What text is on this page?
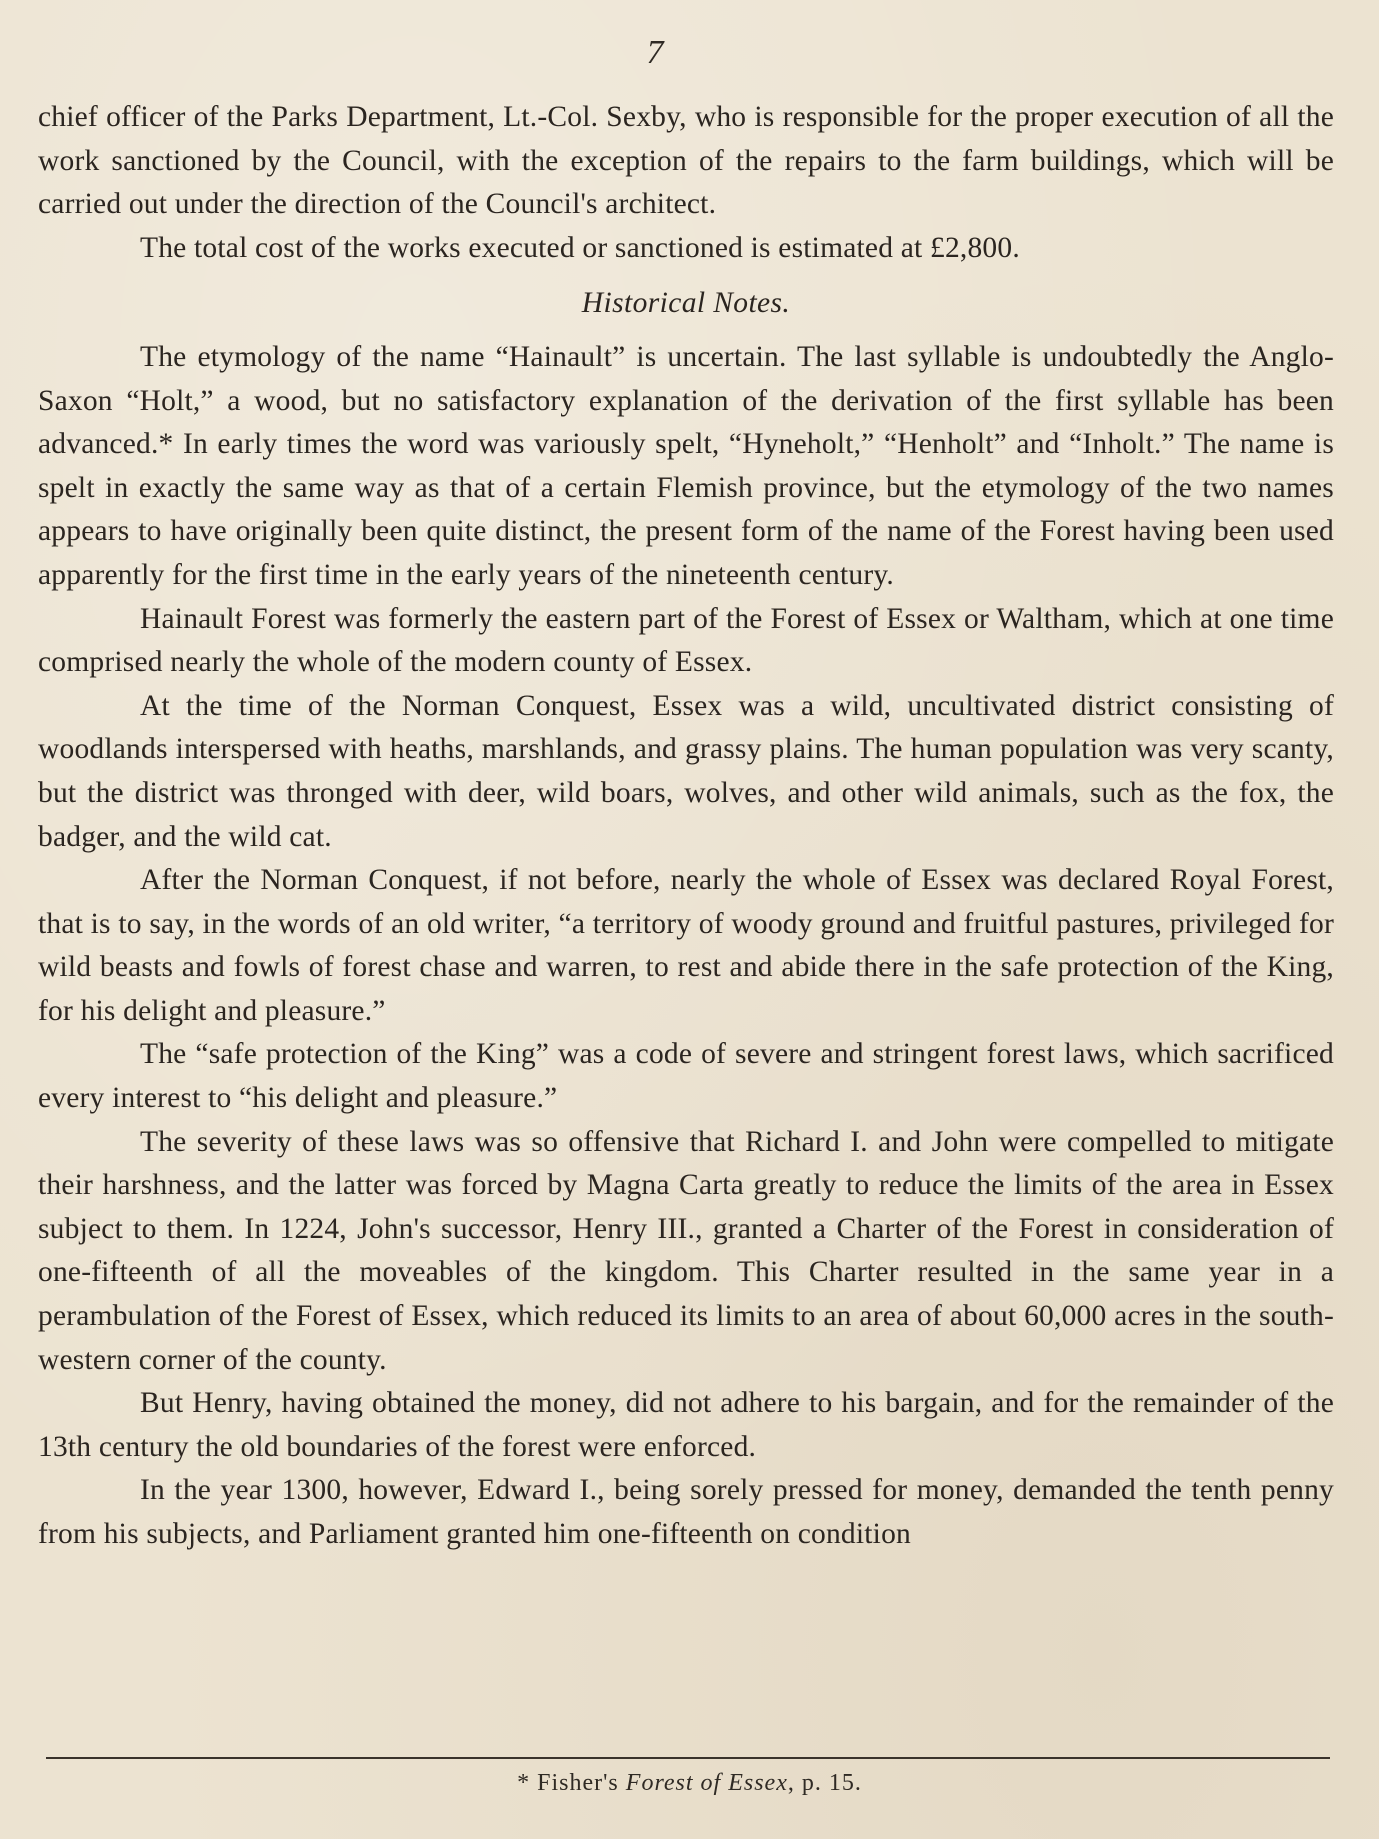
7

chief officer of the Parks Department, Lt.-Col. Sexby, who is responsible for the proper execution of all the work sanctioned by the Council, with the exception of the repairs to the farm buildings, which will be carried out under the direction of the Council's architect.

The total cost of the works executed or sanctioned is estimated at £2,800.

Historical Notes.

The etymology of the name “Hainault” is uncertain. The last syllable is undoubtedly the Anglo-Saxon “Holt,” a wood, but no satisfactory explanation of the derivation of the first syllable has been advanced.* In early times the word was variously spelt, “Hyneholt,” “Henholt” and “Inholt.” The name is spelt in exactly the same way as that of a certain Flemish province, but the etymology of the two names appears to have originally been quite distinct, the present form of the name of the Forest having been used apparently for the first time in the early years of the nineteenth century.

Hainault Forest was formerly the eastern part of the Forest of Essex or Waltham, which at one time comprised nearly the whole of the modern county of Essex.

At the time of the Norman Conquest, Essex was a wild, uncultivated district consisting of woodlands interspersed with heaths, marshlands, and grassy plains. The human population was very scanty, but the district was thronged with deer, wild boars, wolves, and other wild animals, such as the fox, the badger, and the wild cat.

After the Norman Conquest, if not before, nearly the whole of Essex was declared Royal Forest, that is to say, in the words of an old writer, “a territory of woody ground and fruitful pastures, privileged for wild beasts and fowls of forest chase and warren, to rest and abide there in the safe protection of the King, for his delight and pleasure.”

The “safe protection of the King” was a code of severe and stringent forest laws, which sacrificed every interest to “his delight and pleasure.”

The severity of these laws was so offensive that Richard I. and John were compelled to mitigate their harshness, and the latter was forced by Magna Carta greatly to reduce the limits of the area in Essex subject to them. In 1224, John's successor, Henry III., granted a Charter of the Forest in consideration of one-fifteenth of all the moveables of the kingdom. This Charter resulted in the same year in a perambulation of the Forest of Essex, which reduced its limits to an area of about 60,000 acres in the south-western corner of the county.

But Henry, having obtained the money, did not adhere to his bargain, and for the remainder of the 13th century the old boundaries of the forest were enforced.

In the year 1300, however, Edward I., being sorely pressed for money, demanded the tenth penny from his subjects, and Parliament granted him one-fifteenth on condition

* Fisher's Forest of Essex, p. 15.
